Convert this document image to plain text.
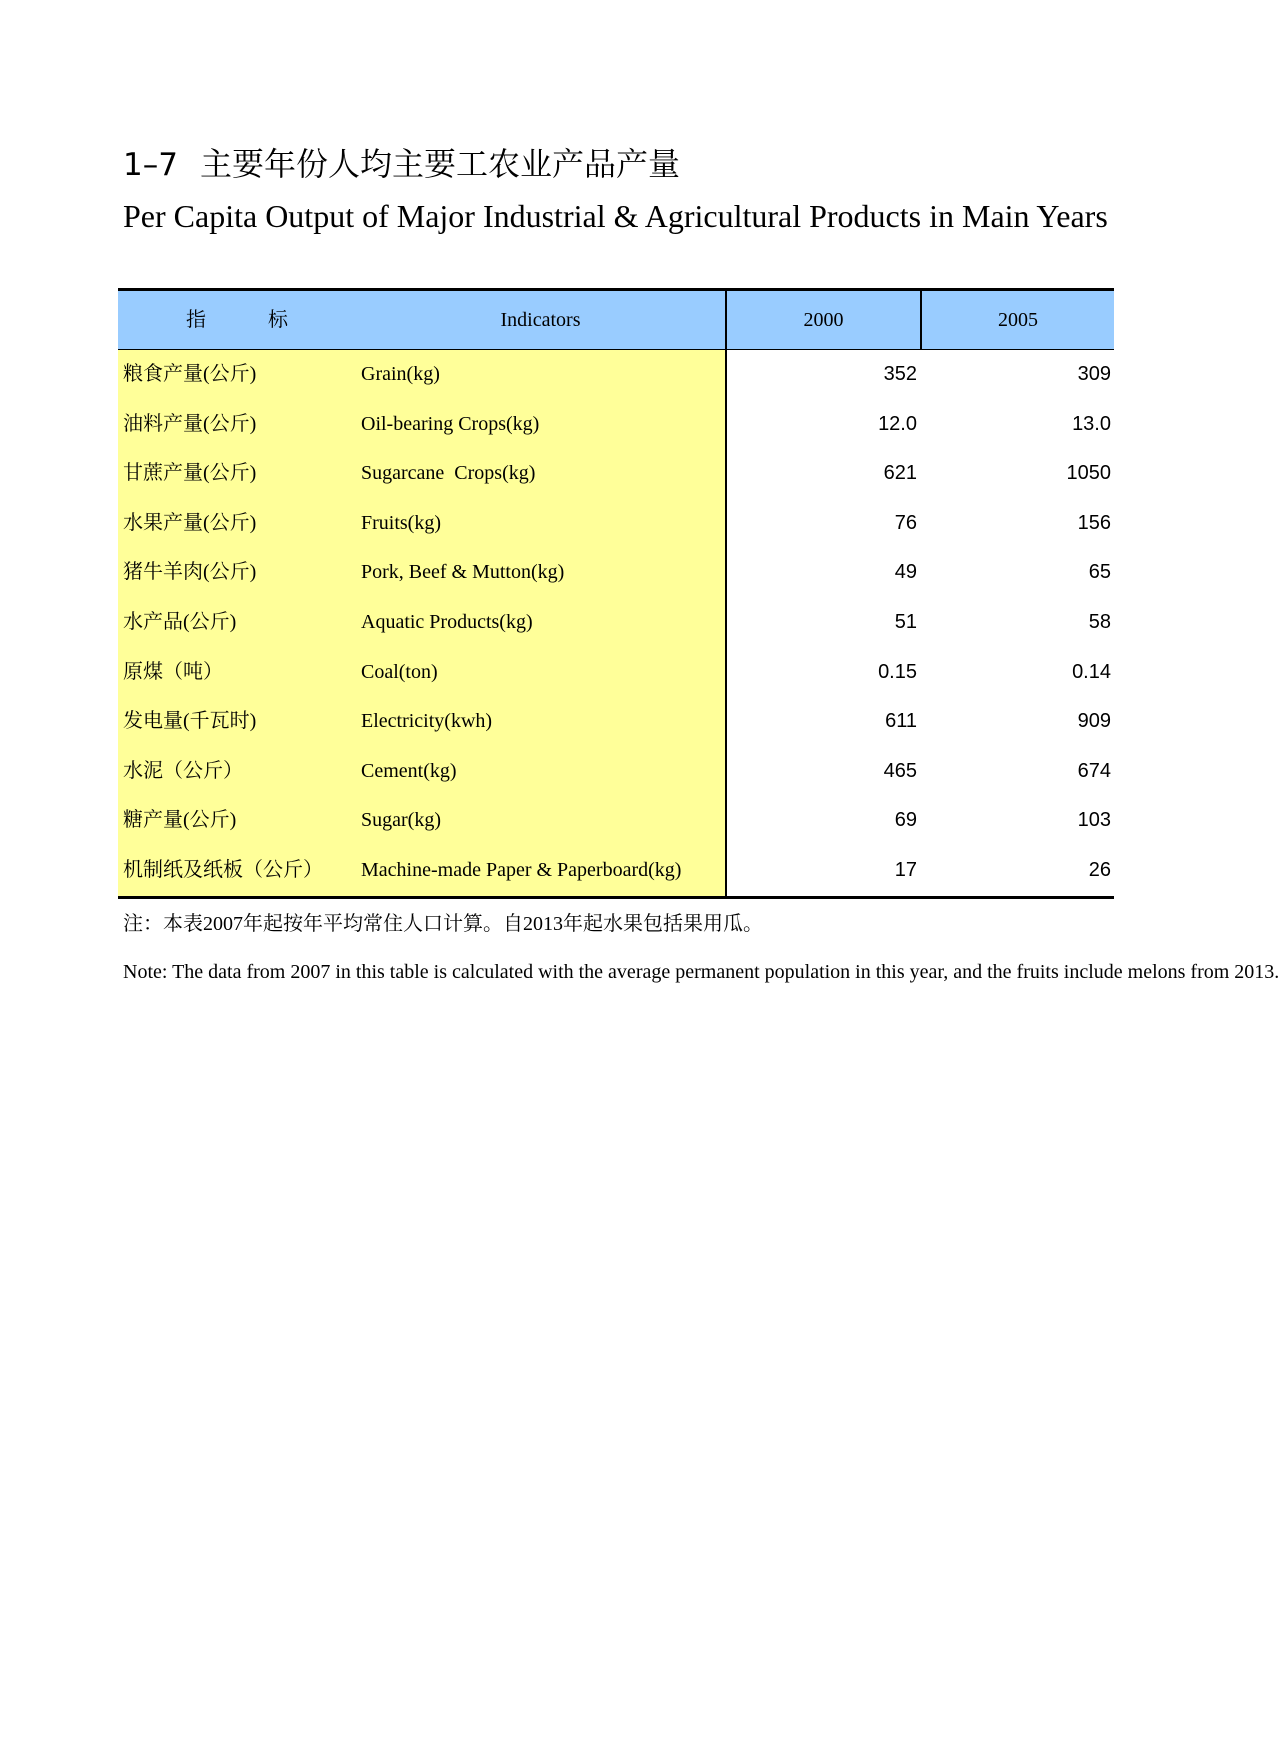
1–7 主要年份人均主要工农业产品产量
Per Capita Output of Major Industrial & Agricultural Products in Main Years
指	标	Indicators	2000	2005
粮食产量(公斤)	Grain(kg)	352	309
油料产量(公斤)	Oil-bearing Crops(kg)	12.0	13.0
甘蔗产量(公斤)	Sugarcane  Crops(kg)	621	1050
水果产量(公斤)	Fruits(kg)	76	156
猪牛羊肉(公斤)	Pork, Beef & Mutton(kg)	49	65
水产品(公斤)	Aquatic Products(kg)	51	58
原煤（吨）	Coal(ton)	0.15	0.14
发电量(千瓦时)	Electricity(kwh)	611	909
水泥（公斤）	Cement(kg)	465	674
糖产量(公斤)	Sugar(kg)	69	103
机制纸及纸板（公斤） Machine-made Paper & Paperboard(kg)	17	26
注：本表2007年起按年平均常住人口计算。自2013年起水果包括果用瓜。
Note: The data from 2007 in this table is calculated with the average permanent population in this year, and the fruits include melons from 2013.
